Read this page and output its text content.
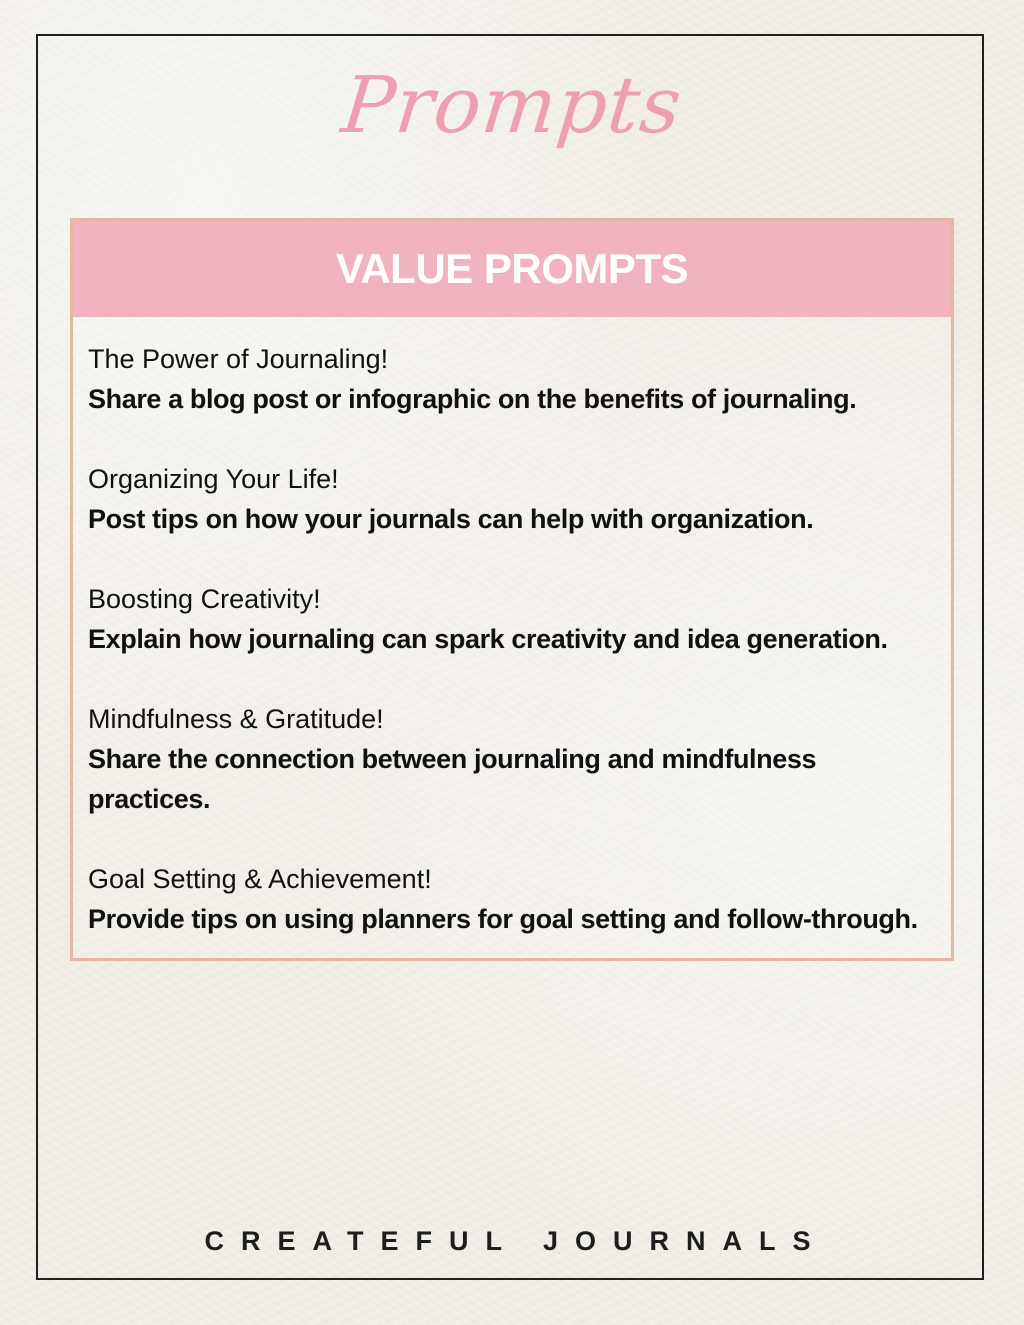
Prompts
VALUE PROMPTS
The Power of Journaling!
Share a blog post or infographic on the benefits of journaling.
Organizing Your Life!
Post tips on how your journals can help with organization.
Boosting Creativity!
Explain how journaling can spark creativity and idea generation.
Mindfulness & Gratitude!
Share the connection between journaling and mindfulness practices.
Goal Setting & Achievement!
Provide tips on using planners for goal setting and follow-through.
CREATEFUL JOURNALS
